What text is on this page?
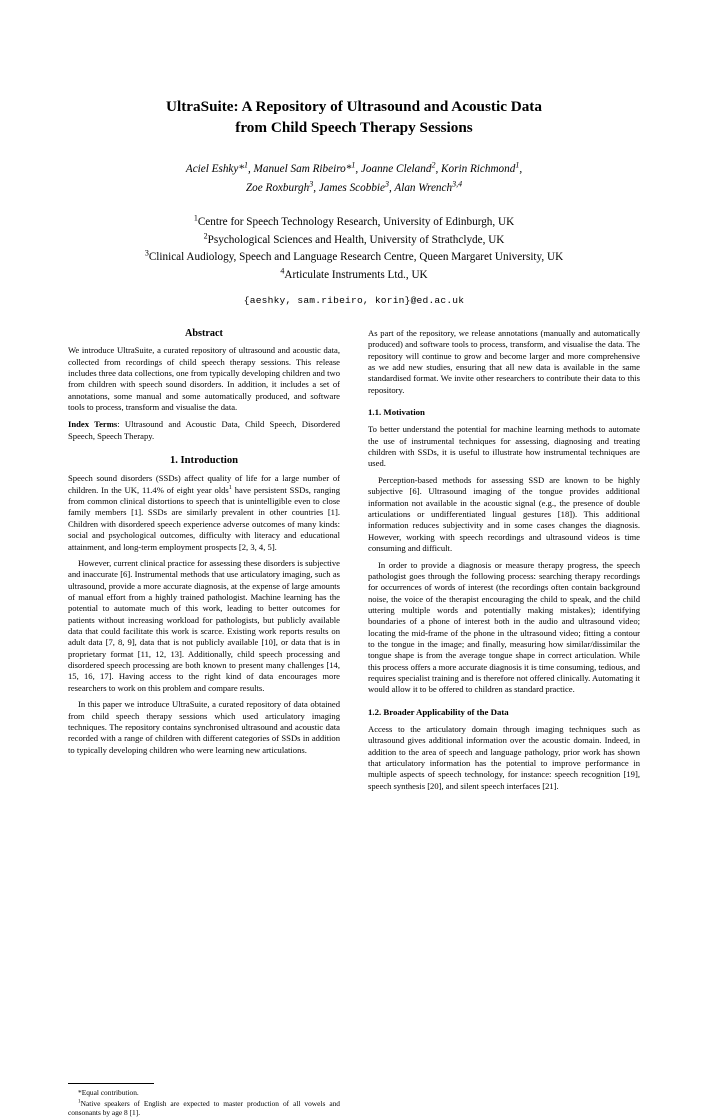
UltraSuite: A Repository of Ultrasound and Acoustic Data
from Child Speech Therapy Sessions
Aciel Eshky*$^1$, Manuel Sam Ribeiro*$^1$, Joanne Cleland$^2$, Korin Richmond$^1$,
Zoe Roxburgh$^3$, James Scobbie$^3$, Alan Wrench$^{3,4}$
$^1$Centre for Speech Technology Research, University of Edinburgh, UK
$^2$Psychological Sciences and Health, University of Strathclyde, UK
$^3$Clinical Audiology, Speech and Language Research Centre, Queen Margaret University, UK
$^4$Articulate Instruments Ltd., UK
{aeshky, sam.ribeiro, korin}@ed.ac.uk
Abstract

We introduce UltraSuite, a curated repository of ultrasound and acoustic data, collected from recordings of child speech therapy sessions. This release includes three data collections, one from typically developing children and two from children with speech sound disorders. In addition, it includes a set of annotations, some manual and some automatically produced, and software tools to process, transform and visualise the data.

Index Terms: Ultrasound and Acoustic Data, Child Speech, Disordered Speech, Speech Therapy.

1. Introduction

Speech sound disorders (SSDs) affect quality of life for a large number of children. In the UK, 11.4% of eight year olds$^1$ have persistent SSDs, ranging from common clinical distortions to speech that is unintelligible even to close family members [1]. SSDs are similarly prevalent in other countries [1]. Children with disordered speech experience adverse outcomes of many kinds: social and psychological outcomes, difficulty with literacy and educational attainment, and long-term employment prospects [2, 3, 4, 5].

However, current clinical practice for assessing these disorders is subjective and inaccurate [6]. Instrumental methods that use articulatory imaging, such as ultrasound, provide a more accurate diagnosis, at the expense of large amounts of manual effort from a highly trained pathologist. Machine learning has the potential to automate much of this work, leading to better outcomes for patients without increasing workload for pathologists, but publicly available data that could facilitate this work is scarce. Existing work reports results on adult data [7, 8, 9], data that is not publicly available [10], or data that is in proprietary format [11, 12, 13]. Additionally, child speech processing and disordered speech processing are both known to present many challenges [14, 15, 16, 17]. Having access to the right kind of data encourages more researchers to work on this problem and compare results.

In this paper we introduce UltraSuite, a curated repository of data obtained from child speech therapy sessions which used articulatory imaging techniques. The repository contains synchronised ultrasound and acoustic data recorded with a range of children with different categories of SSDs in addition to typically developing children who were learning new articulations.

*Equal contribution.

$^1$Native speakers of English are expected to master production of all vowels and consonants by age 8 [1].

As part of the repository, we release annotations (manually and automatically produced) and software tools to process, transform, and visualise the data. The repository will continue to grow and become larger and more comprehensive as we add new studies, ensuring that all new data is available in the same standardised format. We invite other researchers to contribute their data to this repository.

1.1. Motivation

To better understand the potential for machine learning methods to automate the use of instrumental techniques for assessing, diagnosing and treating children with SSDs, it is useful to illustrate how instrumental techniques are used.

Perception-based methods for assessing SSD are known to be highly subjective [6]. Ultrasound imaging of the tongue provides additional information not available in the acoustic signal (e.g., the presence of double articulations or undifferentiated lingual gestures [18]). This additional information reduces subjectivity and in some cases changes the diagnosis. However, working with speech recordings and ultrasound videos is time consuming and difficult.

In order to provide a diagnosis or measure therapy progress, the speech pathologist goes through the following process: searching therapy recordings for occurrences of words of interest (the recordings often contain background noise, the voice of the therapist encouraging the child to speak, and the child uttering multiple words and potentially making mistakes); identifying boundaries of a phone of interest both in the audio and ultrasound video; locating the mid-frame of the phone in the ultrasound video; fitting a contour to the tongue in the image; and finally, measuring how similar/dissimilar the tongue shape is from the average tongue shape in correct articulation. While this process offers a more accurate diagnosis it is time consuming, tedious, and requires specialist training and is therefore not offered clinically. Automating it would allow it to be offered to children as standard practice.

1.2. Broader Applicability of the Data

Access to the articulatory domain through imaging techniques such as ultrasound gives additional information over the acoustic domain. Indeed, in addition to the area of speech and language pathology, prior work has shown that articulatory information has the potential to improve performance in multiple aspects of speech technology, for instance: speech recognition [19], speech synthesis [20], and silent speech interfaces [21].
